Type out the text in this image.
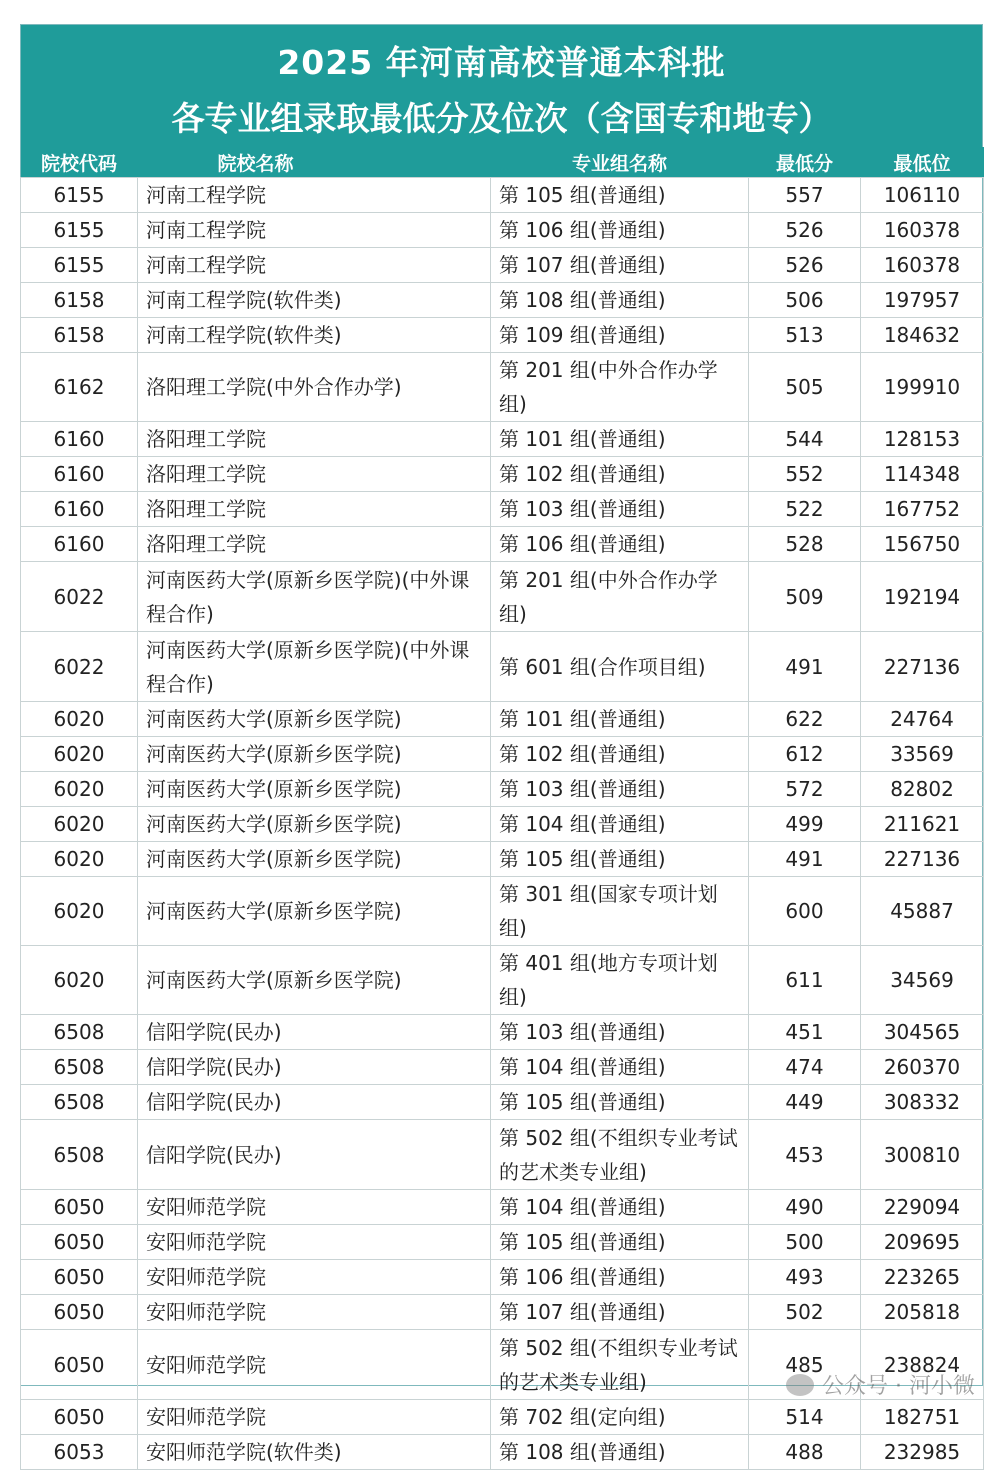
2025 年河南高校普通本科批
各专业组录取最低分及位次（含国专和地专）
院校代码	院校名称	专业组名称	最低分	最低位
6155	河南工程学院	第 105 组(普通组)	557	106110
6155	河南工程学院	第 106 组(普通组)	526	160378
6155	河南工程学院	第 107 组(普通组)	526	160378
6158	河南工程学院(软件类)	第 108 组(普通组)	506	197957
6158	河南工程学院(软件类)	第 109 组(普通组)	513	184632
6162	洛阳理工学院(中外合作办学)	第 201 组(中外合作办学组)	505	199910
6160	洛阳理工学院	第 101 组(普通组)	544	128153
6160	洛阳理工学院	第 102 组(普通组)	552	114348
6160	洛阳理工学院	第 103 组(普通组)	522	167752
6160	洛阳理工学院	第 106 组(普通组)	528	156750
6022	河南医药大学(原新乡医学院)(中外课程合作)	第 201 组(中外合作办学组)	509	192194
6022	河南医药大学(原新乡医学院)(中外课程合作)	第 601 组(合作项目组)	491	227136
6020	河南医药大学(原新乡医学院)	第 101 组(普通组)	622	24764
6020	河南医药大学(原新乡医学院)	第 102 组(普通组)	612	33569
6020	河南医药大学(原新乡医学院)	第 103 组(普通组)	572	82802
6020	河南医药大学(原新乡医学院)	第 104 组(普通组)	499	211621
6020	河南医药大学(原新乡医学院)	第 105 组(普通组)	491	227136
6020	河南医药大学(原新乡医学院)	第 301 组(国家专项计划组)	600	45887
6020	河南医药大学(原新乡医学院)	第 401 组(地方专项计划组)	611	34569
6508	信阳学院(民办)	第 103 组(普通组)	451	304565
6508	信阳学院(民办)	第 104 组(普通组)	474	260370
6508	信阳学院(民办)	第 105 组(普通组)	449	308332
6508	信阳学院(民办)	第 502 组(不组织专业考试的艺术类专业组)	453	300810
6050	安阳师范学院	第 104 组(普通组)	490	229094
6050	安阳师范学院	第 105 组(普通组)	500	209695
6050	安阳师范学院	第 106 组(普通组)	493	223265
6050	安阳师范学院	第 107 组(普通组)	502	205818
6050	安阳师范学院	第 502 组(不组织专业考试的艺术类专业组)	485	238824
6050	安阳师范学院	第 702 组(定向组)	514	182751
6053	安阳师范学院(软件类)	第 108 组(普通组)	488	232985
公众号 · 河小微
